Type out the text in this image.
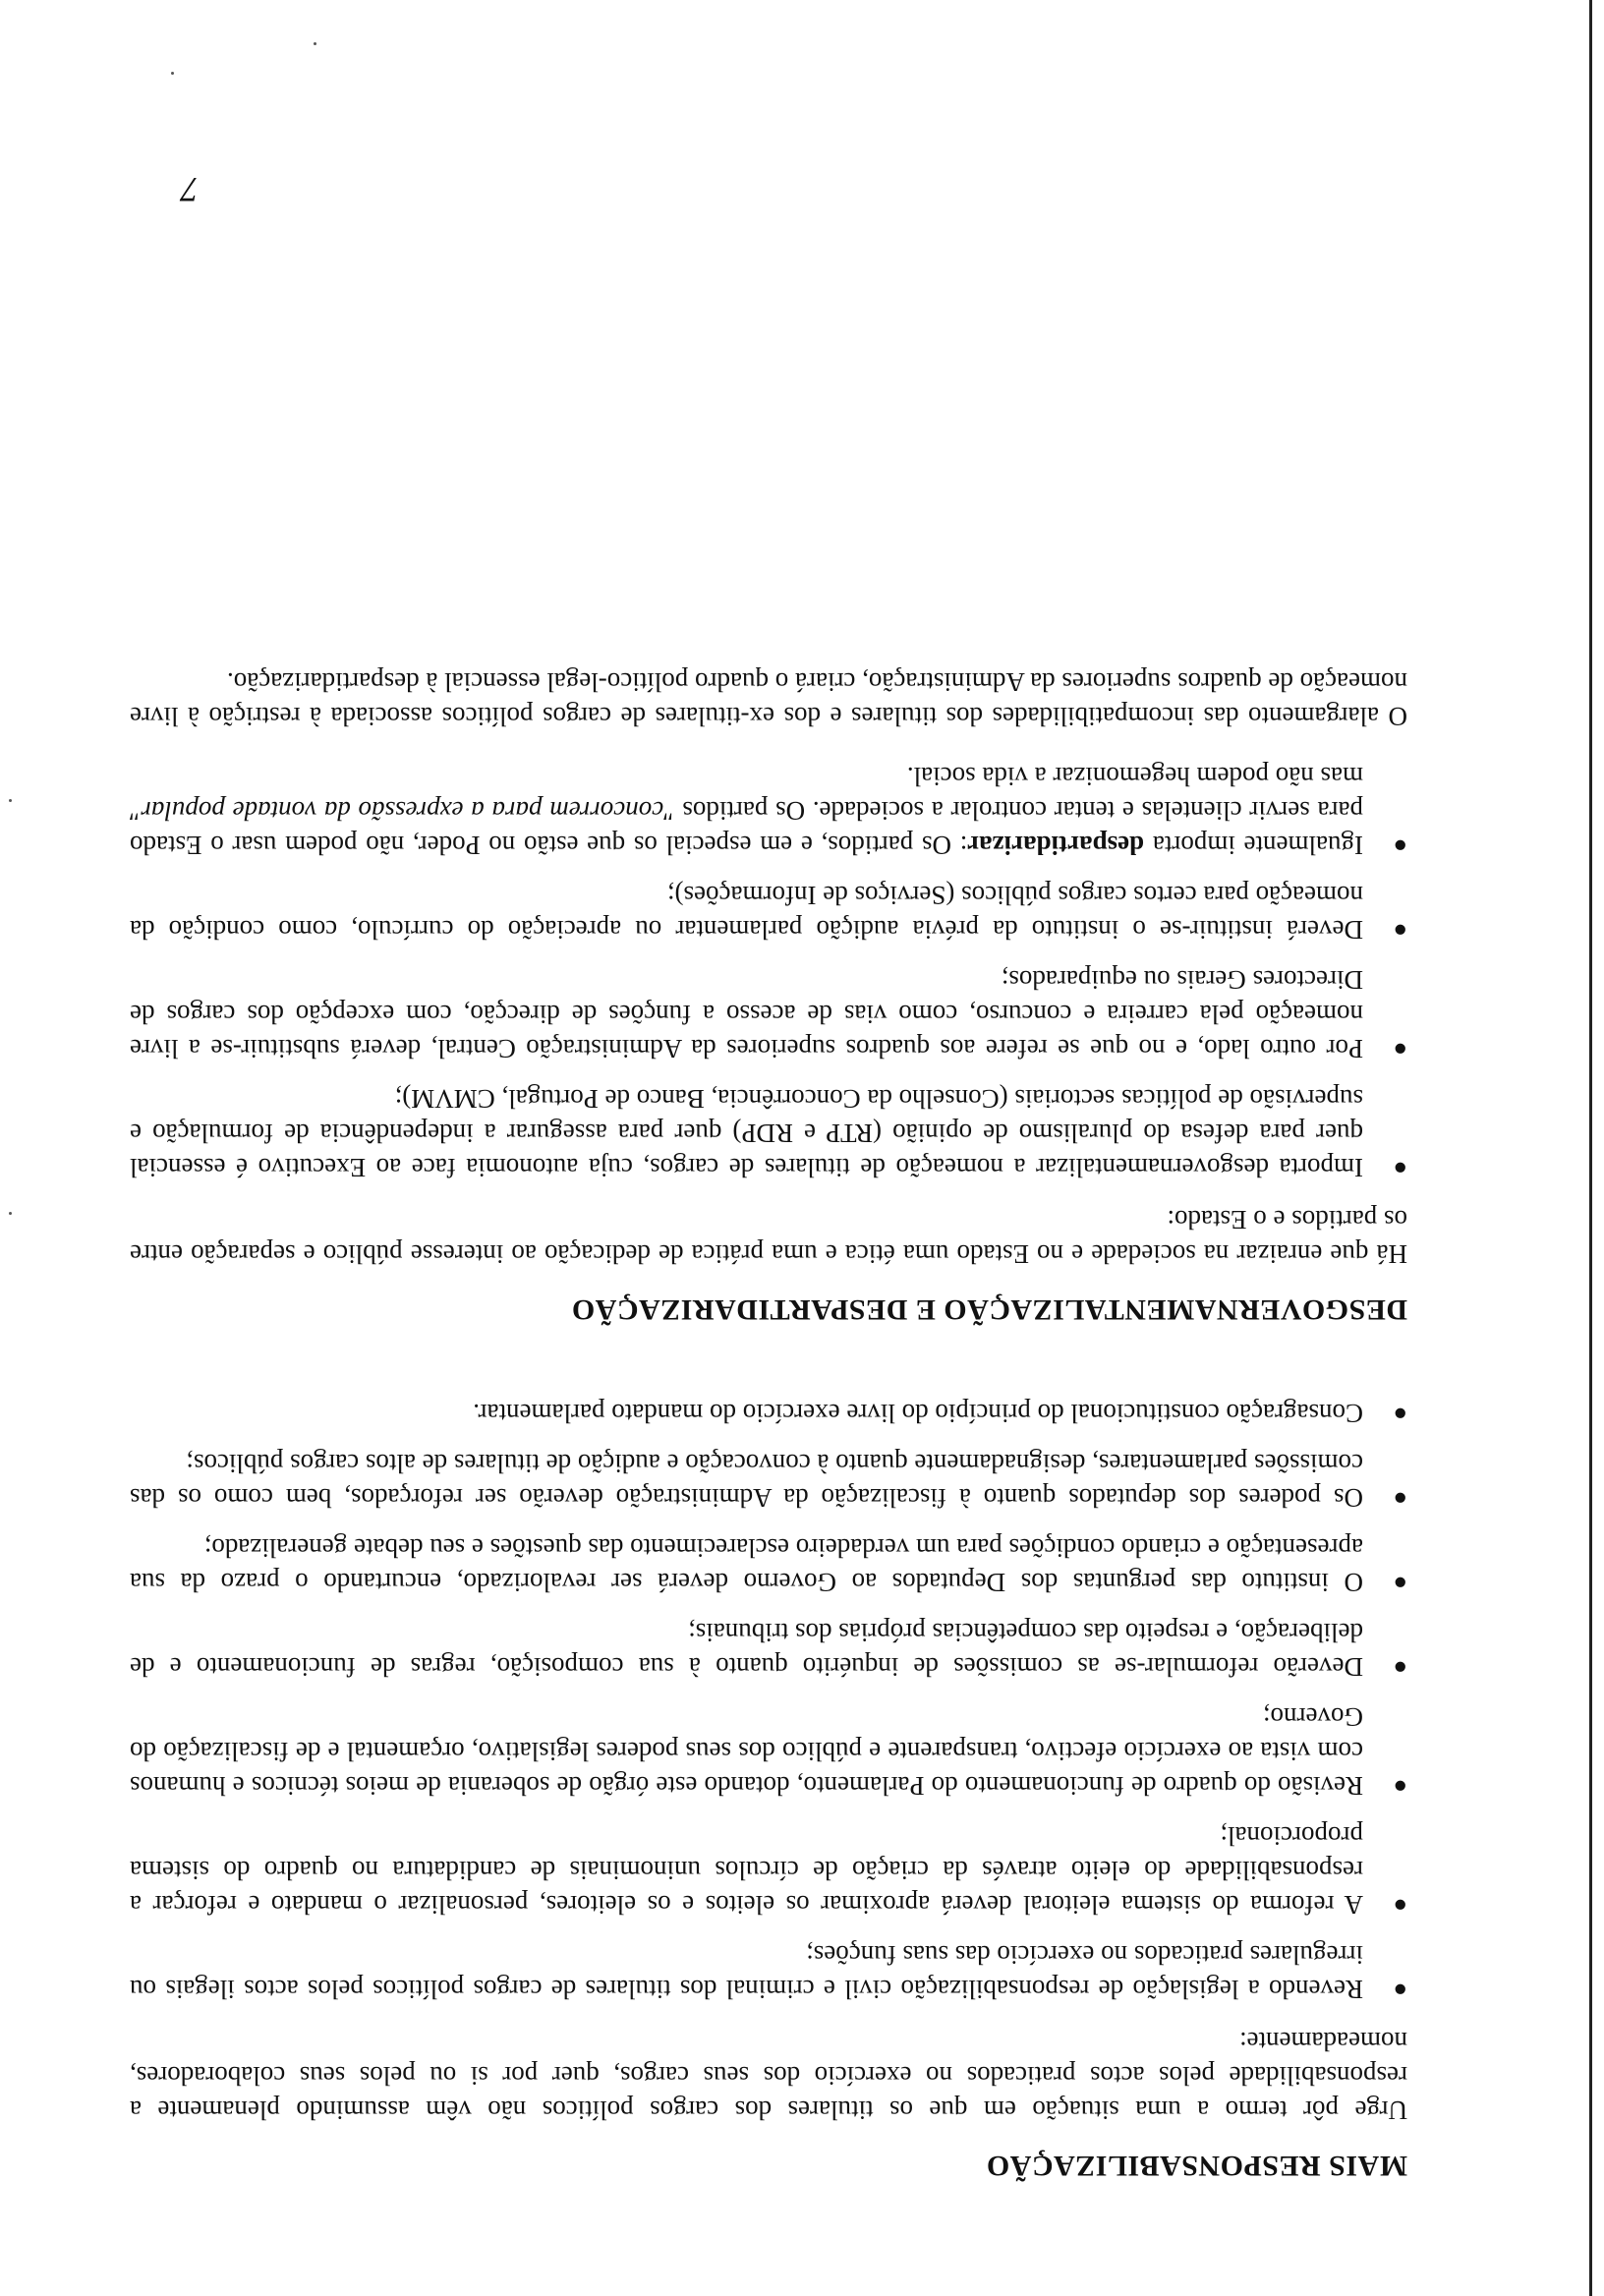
MAIS RESPONSABILIZAÇÃO

Urge pôr termo a uma situação em que os titulares dos cargos políticos não vêm assumindo plenamente a responsabilidade pelos actos praticados no exercício dos seus cargos, quer por si ou pelos seus colaboradores, nomeadamente:

●
Revendo a legislação de responsabilização civil e criminal dos titulares de cargos políticos pelos actos ilegais ou irregulares praticados no exercício das suas funções;
●
A reforma do sistema eleitoral deverá aproximar os eleitos e os eleitores, personalizar o mandato e reforçar a responsabilidade do eleito através da criação de círculos uninominais de candidatura no quadro do sistema proporcional;
●
Revisão do quadro de funcionamento do Parlamento, dotando este órgão de soberania de meios técnicos e humanos com vista ao exercício efectivo, transparente e público dos seus poderes legislativo, orçamental e de fiscalização do Governo;
●
Deverão reformular-se as comissões de inquérito quanto à sua composição, regras de funcionamento e de deliberação, e respeito das competências próprias dos tribunais;
●
O instituto das perguntas dos Deputados ao Governo deverá ser revalorizado, encurtando o prazo da sua apresentação e criando condições para um verdadeiro esclarecimento das questões e seu debate generalizado;
●
Os poderes dos deputados quanto à fiscalização da Administração deverão ser reforçados, bem como os das comissões parlamentares, designadamente quanto à convocação e audição de titulares de altos cargos públicos;
●
Consagração constitucional do princípio do livre exercício do mandato parlamentar.
DESGOVERNAMENTALIZAÇÃO E DESPARTIDARIZAÇÃO

Há que enraizar na sociedade e no Estado uma ética e uma prática de dedicação ao interesse público e separação entre os partidos e o Estado:

●
Importa desgovernamentalizar a nomeação de titulares de cargos, cuja autonomia face ao Executivo é essencial quer para defesa do pluralismo de opinião (RTP e RDP) quer para assegurar a independência de formulação e supervisão de políticas sectoriais (Conselho da Concorrência, Banco de Portugal, CMVM);
●
Por outro lado, e no que se refere aos quadros superiores da Administração Central, deverá substituir-se a livre nomeação pela carreira e concurso, como vias de acesso a funções de direcção, com excepção dos cargos de Directores Gerais ou equiparados;
●
Deverá instituir-se o instituto da prévia audição parlamentar ou apreciação do currículo, como condição da nomeação para certos cargos públicos (Serviços de Informações);
●
Igualmente importa despartidarizar: Os partidos, e em especial os que estão no Poder, não podem usar o Estado para servir clientelas e tentar controlar a sociedade. Os partidos "concorrem para a expressão da vontade popular" mas não podem hegemonizar a vida social.

O alargamento das incompatibilidades dos titulares e dos ex-titulares de cargos políticos associada à restrição à livre nomeação de quadros superiores da Administração, criará o quadro político-legal essencial à despartidarização.

7
